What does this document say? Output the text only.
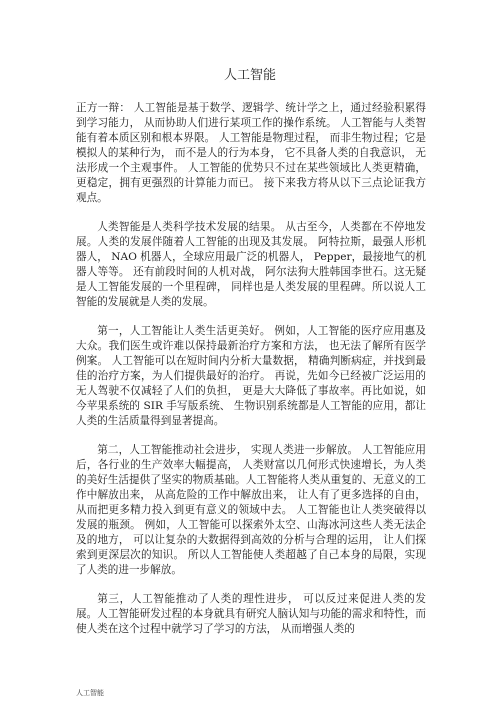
人工智能

正方一辩： 人工智能是基于数学、逻辑学、统计学之上，通过经验积累得到学习能力， 从而协助人们进行某项工作的操作系统。 人工智能与人类智能有着本质区别和根本界限。 人工智能是物理过程， 而非生物过程；它是模拟人的某种行为， 而不是人的行为本身， 它不具备人类的自我意识， 无法形成一个主观事件。 人工智能的优势只不过在某些领域比人类更精确， 更稳定，拥有更强烈的计算能力而已。 接下来我方将从以下三点论证我方观点。

人类智能是人类科学技术发展的结果。 从古至今，人类都在不停地发展。人类的发展伴随着人工智能的出现及其发展。 阿特拉斯，最强人形机器人， NAO 机器人，全球应用最广泛的机器人， Pepper，最接地气的机器人等等。 还有前段时间的人机对战， 阿尔法狗大胜韩国李世石。这无疑是人工智能发展的一个里程碑， 同样也是人类发展的里程碑。所以说人工智能的发展就是人类的发展。

第一，人工智能让人类生活更美好。 例如，人工智能的医疗应用惠及大众。我们医生或许难以保持最新治疗方案和方法， 也无法了解所有医学例案。 人工智能可以在短时间内分析大量数据， 精确判断病症，并找到最佳的治疗方案，为人们提供最好的治疗。 再说，先如今已经被广泛运用的无人驾驶不仅减轻了人们的负担， 更是大大降低了事故率。再比如说，如今苹果系统的 SIR 手写版系统、 生物识别系统都是人工智能的应用，都让人类的生活质量得到显著提高。

第二，人工智能推动社会进步， 实现人类进一步解放。 人工智能应用后，各行业的生产效率大幅提高， 人类财富以几何形式快速增长，为人类的美好生活提供了坚实的物质基础。人工智能将人类从重复的、无意义的工作中解放出来， 从高危险的工作中解放出来， 让人有了更多选择的自由， 从而把更多精力投入到更有意义的领域中去。 人工智能也让人类突破得以发展的瓶颈。 例如，人工智能可以探索外太空、山海冰河这些人类无法企及的地方， 可以让复杂的大数据得到高效的分析与合理的运用， 让人们探索到更深层次的知识。 所以人工智能使人类超越了自己本身的局限，实现了人类的进一步解放。

第三，人工智能推动了人类的理性进步， 可以反过来促进人类的发展。人工智能研发过程的本身就具有研究人脑认知与功能的需求和特性，而使人类在这个过程中就学习了学习的方法， 从而增强人类的

人工智能
